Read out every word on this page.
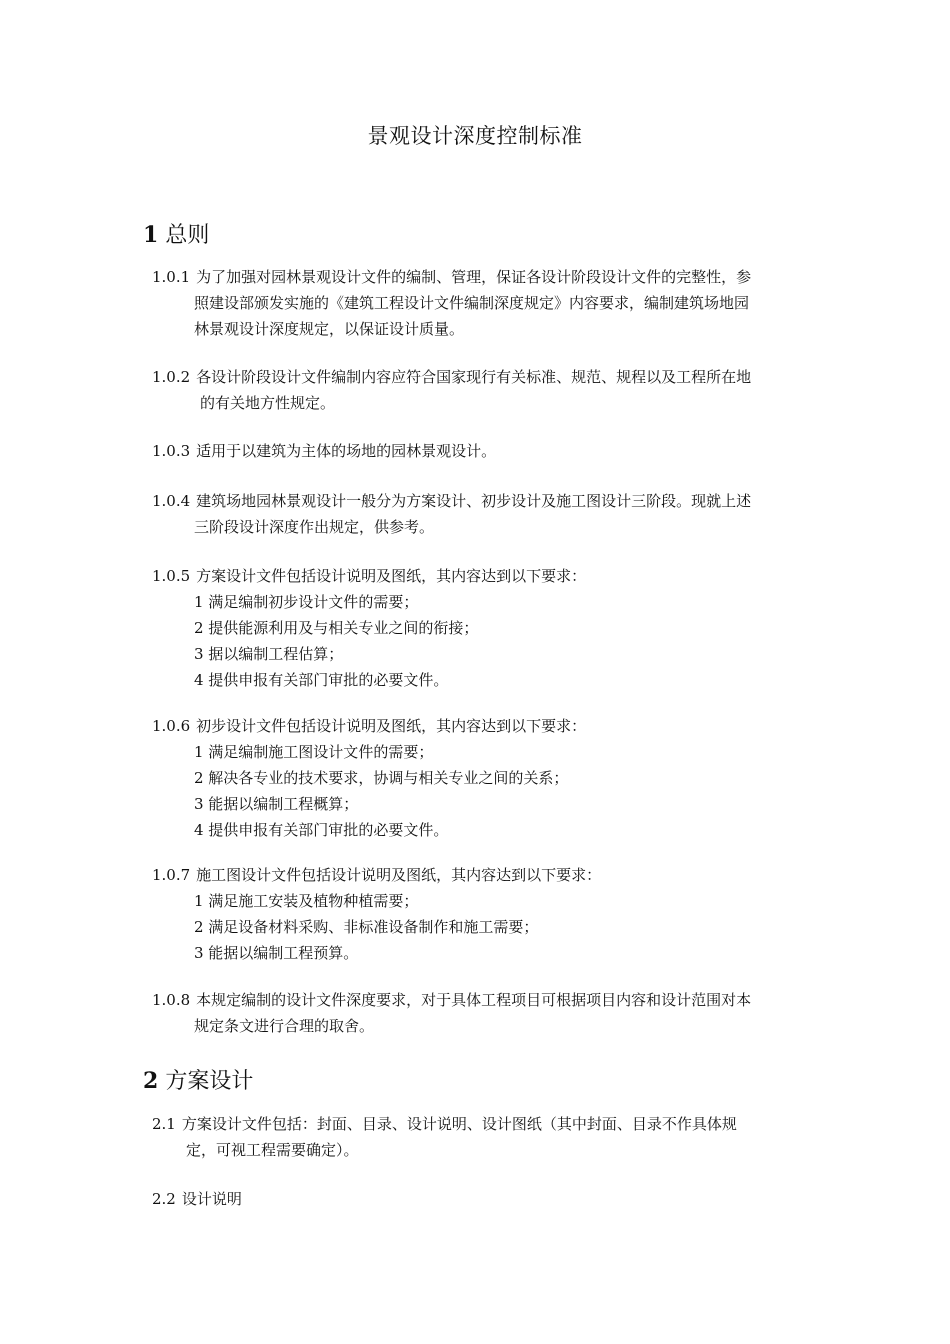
景观设计深度控制标准
1 总则
1.0.1 为了加强对园林景观设计文件的编制、管理，保证各设计阶段设计文件的完整性，参
照建设部颁发实施的《建筑工程设计文件编制深度规定》内容要求，编制建筑场地园
林景观设计深度规定，以保证设计质量。
1.0.2 各设计阶段设计文件编制内容应符合国家现行有关标准、规范、规程以及工程所在地
的有关地方性规定。
1.0.3 适用于以建筑为主体的场地的园林景观设计。
1.0.4 建筑场地园林景观设计一般分为方案设计、初步设计及施工图设计三阶段。现就上述
三阶段设计深度作出规定，供参考。
1.0.5 方案设计文件包括设计说明及图纸，其内容达到以下要求：
1 满足编制初步设计文件的需要；
2 提供能源利用及与相关专业之间的衔接；
3 据以编制工程估算；
4 提供申报有关部门审批的必要文件。
1.0.6 初步设计文件包括设计说明及图纸，其内容达到以下要求：
1 满足编制施工图设计文件的需要；
2 解决各专业的技术要求，协调与相关专业之间的关系；
3 能据以编制工程概算；
4 提供申报有关部门审批的必要文件。
1.0.7 施工图设计文件包括设计说明及图纸，其内容达到以下要求：
1 满足施工安装及植物种植需要；
2 满足设备材料采购、非标准设备制作和施工需要；
3 能据以编制工程预算。
1.0.8 本规定编制的设计文件深度要求，对于具体工程项目可根据项目内容和设计范围对本
规定条文进行合理的取舍。
2 方案设计
2.1 方案设计文件包括：封面、目录、设计说明、设计图纸（其中封面、目录不作具体规
定，可视工程需要确定）。
2.2 设计说明
